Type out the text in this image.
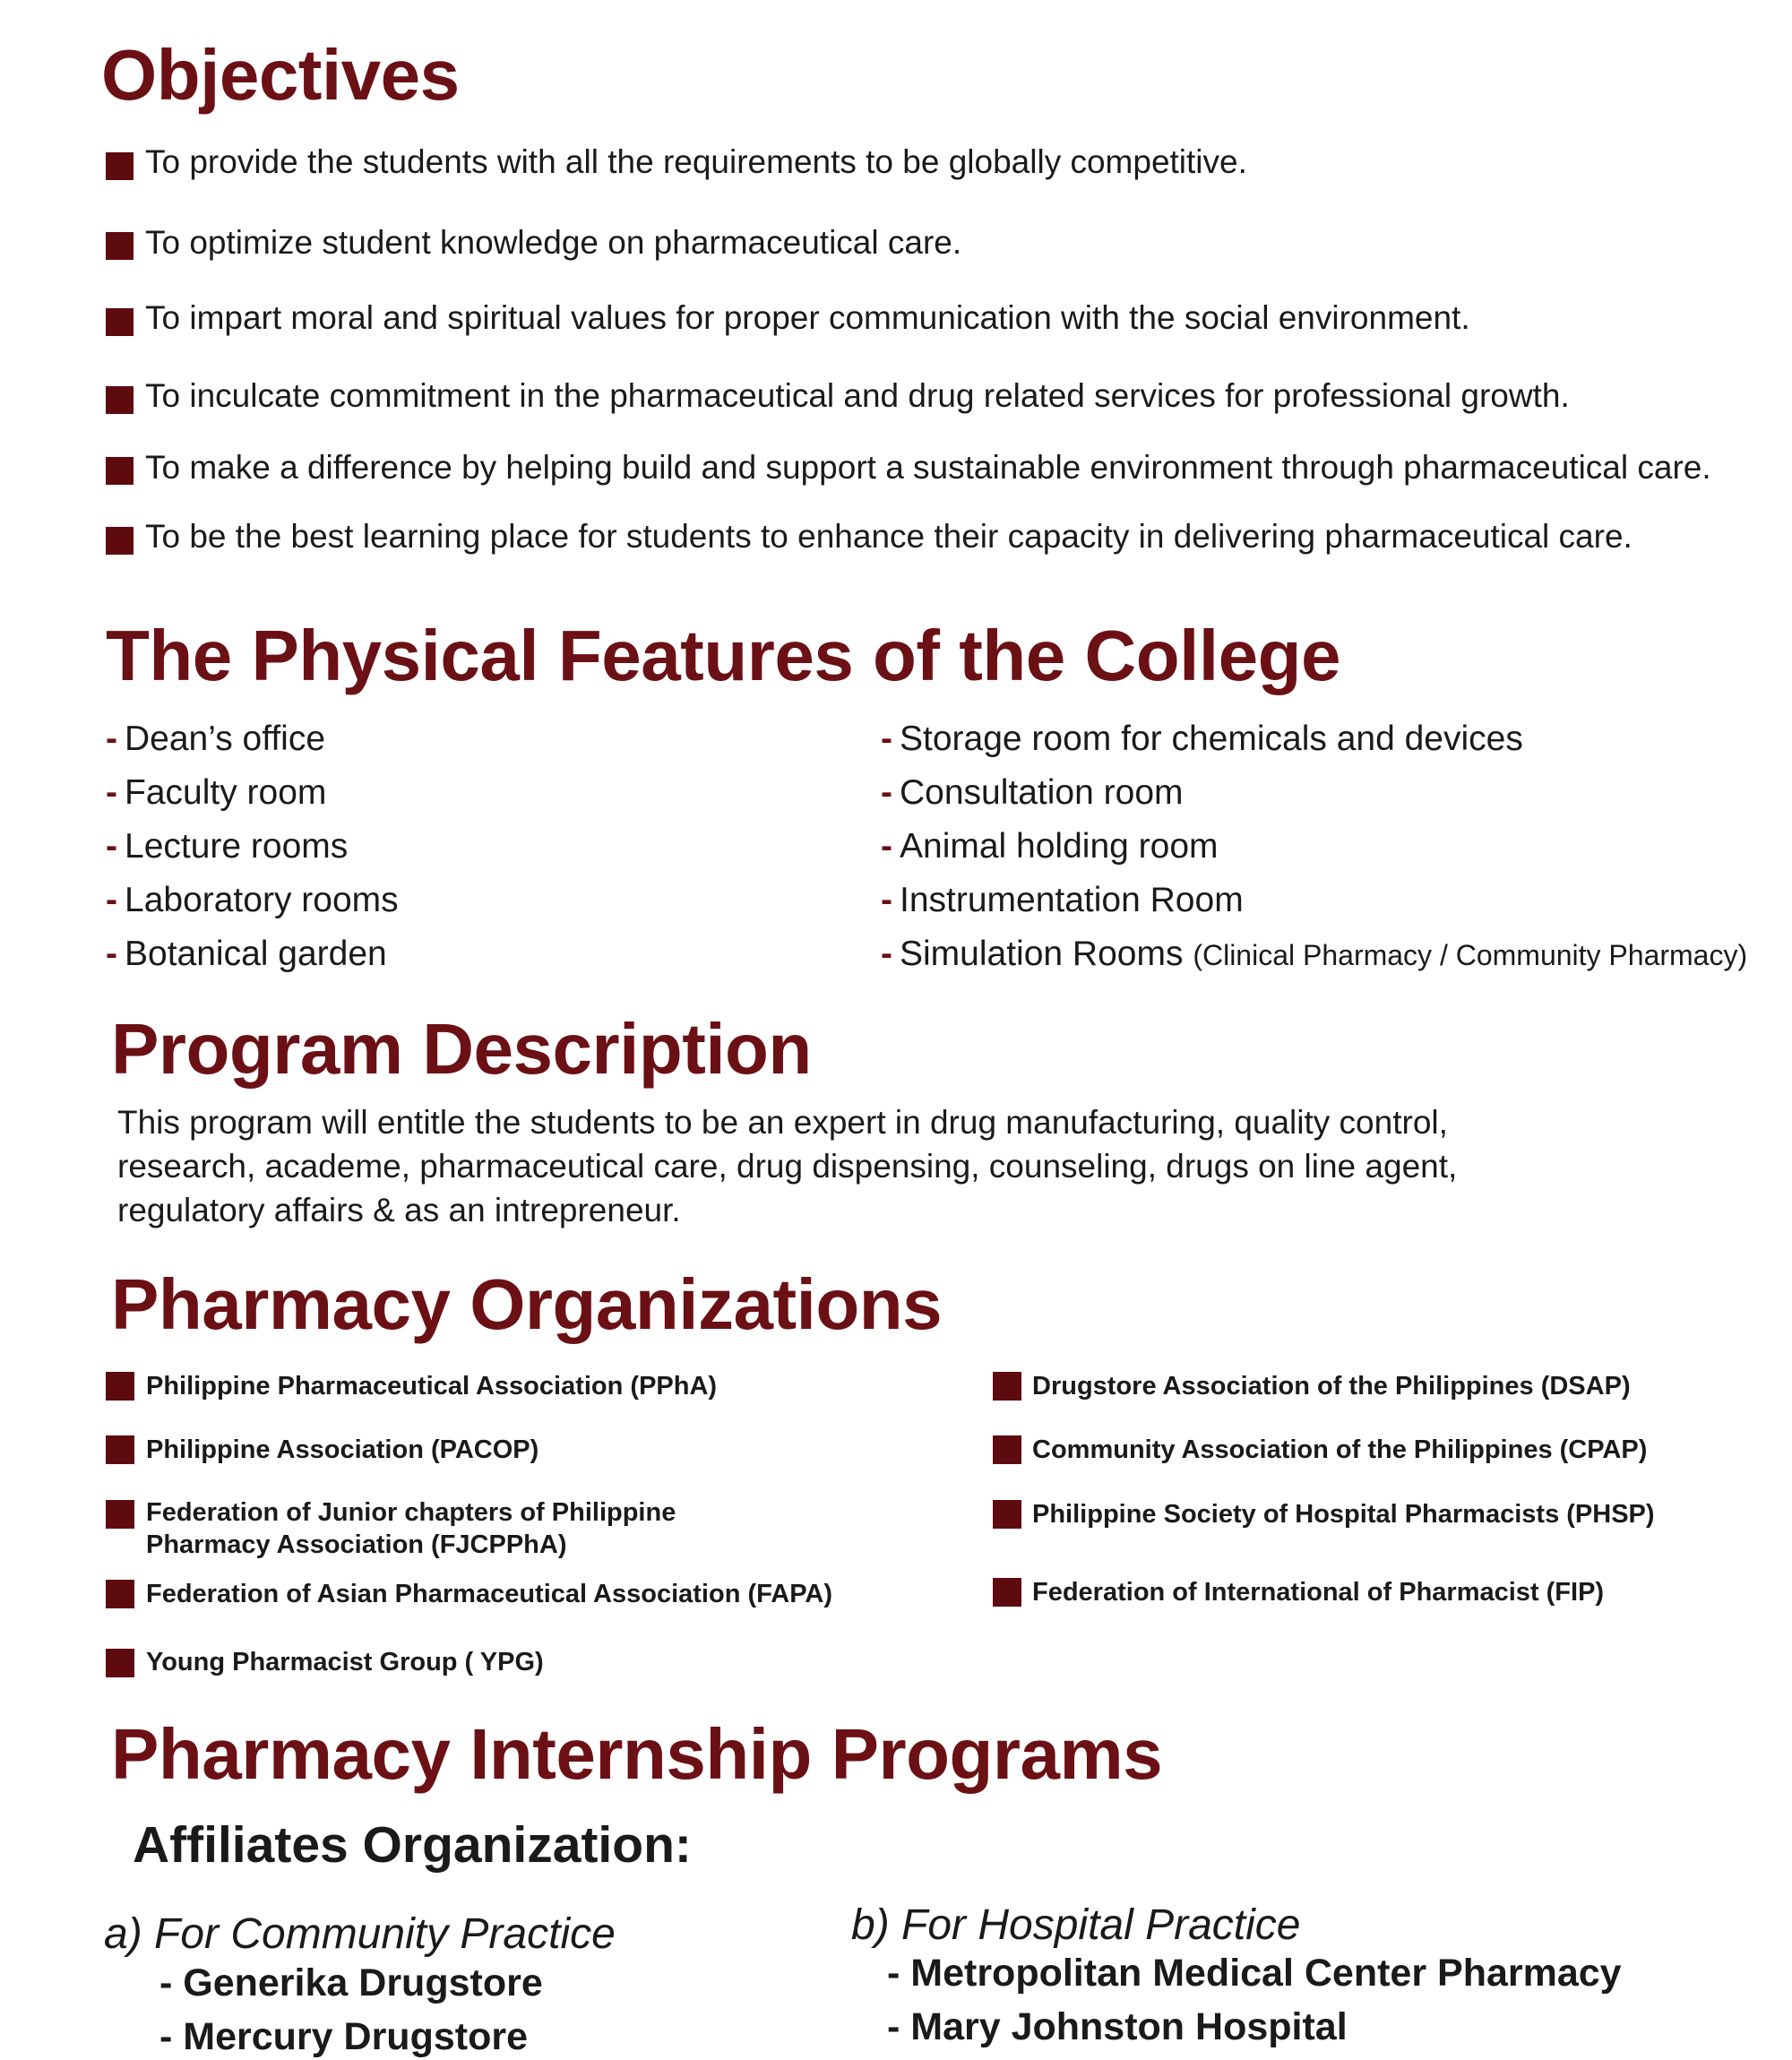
Objectives
To provide the students with all the requirements to be globally competitive.
To optimize student knowledge on pharmaceutical care.
To impart moral and spiritual values for proper communication with the social environment.
To inculcate commitment in the pharmaceutical and drug related services for professional growth.
To make a difference by helping build and support a sustainable environment through pharmaceutical care.
To be the best learning place for students to enhance their capacity in delivering pharmaceutical care.
The Physical Features of the College
- Dean’s office
- Faculty room
- Lecture rooms
- Laboratory rooms
- Botanical garden
- Storage room for chemicals and devices
- Consultation room
- Animal holding room
- Instrumentation Room
- Simulation Rooms (Clinical Pharmacy / Community Pharmacy)
Program Description
This program will entitle the students to be an expert in drug manufacturing, quality control,
research, academe, pharmaceutical care, drug dispensing, counseling, drugs on line agent,
regulatory affairs & as an intrepreneur.
Pharmacy Organizations
Philippine Pharmaceutical Association (PPhA)
Philippine Association (PACOP)
Federation of Junior chapters of Philippine
Pharmacy Association (FJCPPhA)
Federation of Asian Pharmaceutical Association (FAPA)
Young Pharmacist Group ( YPG)
Drugstore Association of the Philippines (DSAP)
Community Association of the Philippines (CPAP)
Philippine Society of Hospital Pharmacists (PHSP)
Federation of International of Pharmacist (FIP)
Pharmacy Internship Programs
Affiliates Organization:
a) For Community Practice
- Generika Drugstore
- Mercury Drugstore
b) For Hospital Practice
- Metropolitan Medical Center Pharmacy
- Mary Johnston Hospital
